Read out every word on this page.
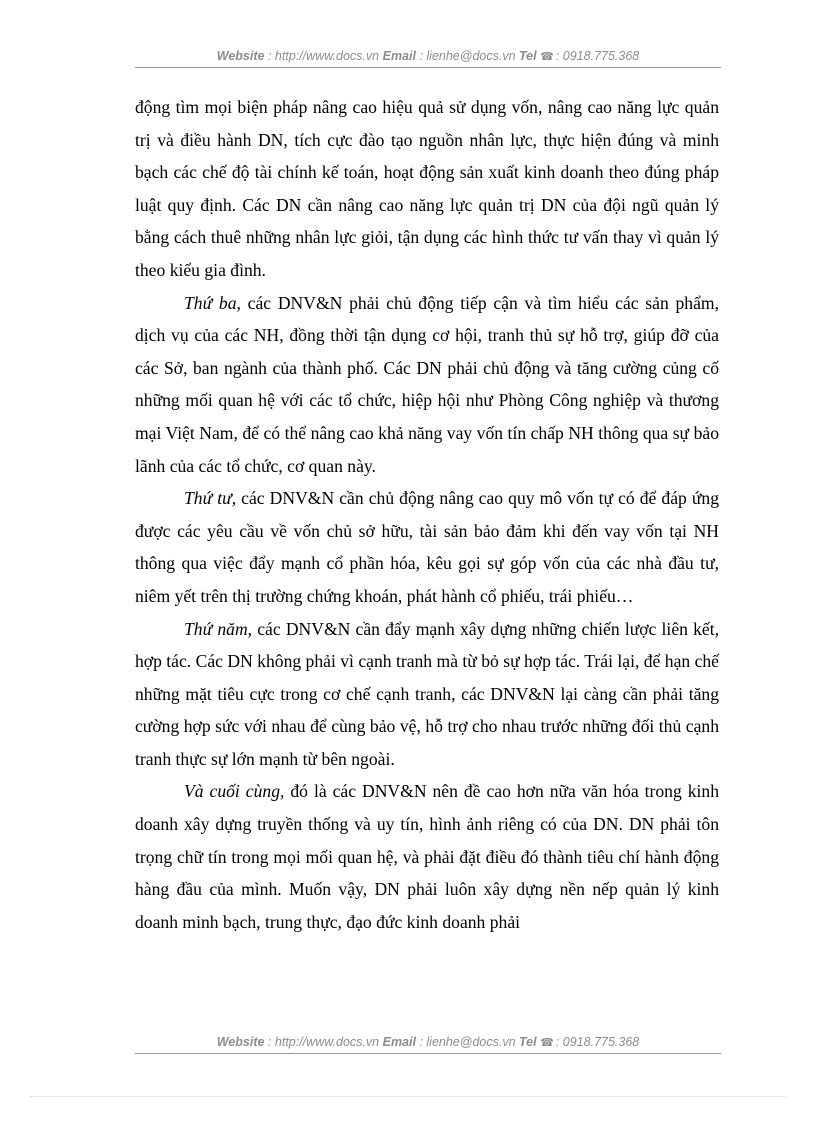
Website : http://www.docs.vn Email : lienhe@docs.vn Tel ☎ : 0918.775.368

động tìm mọi biện pháp nâng cao hiệu quả sử dụng vốn, nâng cao năng lực quản trị và điều hành DN, tích cực đào tạo nguồn nhân lực, thực hiện đúng và minh bạch các chế độ tài chính kế toán, hoạt động sản xuất kinh doanh theo đúng pháp luật quy định. Các DN cần nâng cao năng lực quản trị DN của đội ngũ quản lý bằng cách thuê những nhân lực giỏi, tận dụng các hình thức tư vấn thay vì quản lý theo kiểu gia đình.

Thứ ba, các DNV&N phải chủ động tiếp cận và tìm hiểu các sản phẩm, dịch vụ của các NH, đồng thời tận dụng cơ hội, tranh thủ sự hỗ trợ, giúp đỡ của các Sở, ban ngành của thành phố. Các DN phải chủ động và tăng cường củng cố những mối quan hệ với các tổ chức, hiệp hội như Phòng Công nghiệp và thương mại Việt Nam, để có thể nâng cao khả năng vay vốn tín chấp NH thông qua sự bảo lãnh của các tổ chức, cơ quan này.

Thứ tư, các DNV&N cần chủ động nâng cao quy mô vốn tự có để đáp ứng được các yêu cầu về vốn chủ sở hữu, tài sản bảo đảm khi đến vay vốn tại NH thông qua việc đẩy mạnh cổ phần hóa, kêu gọi sự góp vốn của các nhà đầu tư, niêm yết trên thị trường chứng khoán, phát hành cổ phiếu, trái phiếu…

Thứ năm, các DNV&N cần đẩy mạnh xây dựng những chiến lược liên kết, hợp tác. Các DN không phải vì cạnh tranh mà từ bỏ sự hợp tác. Trái lại, để hạn chế những mặt tiêu cực trong cơ chế cạnh tranh, các DNV&N lại càng cần phải tăng cường hợp sức với nhau để cùng bảo vệ, hỗ trợ cho nhau trước những đối thủ cạnh tranh thực sự lớn mạnh từ bên ngoài.

Và cuối cùng, đó là các DNV&N nên đề cao hơn nữa văn hóa trong kinh doanh xây dựng truyền thống và uy tín, hình ảnh riêng có của DN. DN phải tôn trọng chữ tín trong mọi mối quan hệ, và phải đặt điều đó thành tiêu chí hành động hàng đầu của mình. Muốn vậy, DN phải luôn xây dựng nền nếp quản lý kinh doanh minh bạch, trung thực, đạo đức kinh doanh phải

Website : http://www.docs.vn Email : lienhe@docs.vn Tel ☎ : 0918.775.368
